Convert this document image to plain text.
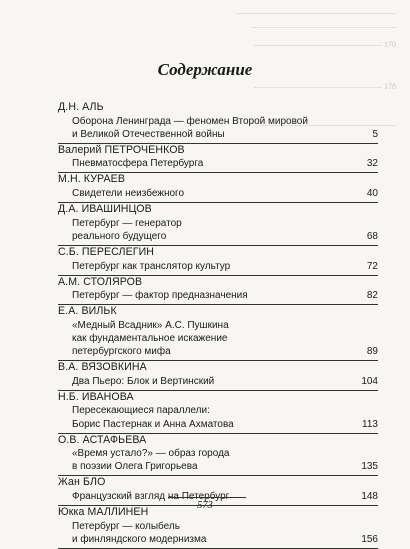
————————————————————
——————————————————
———————————————— 170
———————————————— 178
—————————————————
Содержание
Д.Н. АЛЬ
Оборона Ленинграда — феномен Второй мировой
и Великой Отечественной войны	5
Валерий ПЕТРОЧЕНКОВ
Пневматосфера Петербурга	32
М.Н. КУРАЕВ
Свидетели неизбежного	40
Д.А. ИВАШИНЦОВ
Петербург — генератор
реального будущего	68
С.Б. ПЕРЕСЛЕГИН
Петербург как транслятор культур	72
А.М. СТОЛЯРОВ
Петербург — фактор предназначения	82
Е.А. ВИЛЬК
«Медный Всадник» А.С. Пушкина
как фундаментальное искажение
петербургского мифа	89
В.А. ВЯЗОВКИНА
Два Пьеро: Блок и Вертинский	104
Н.Б. ИВАНОВА
Пересекающиеся параллели:
Борис Пастернак и Анна Ахматова	113
О.В. АСТАФЬЕВА
«Время устало?» — образ города
в поэзии Олега Григорьева	135
Жан БЛО
Французский взгляд на Петербург	148
Юкка МАЛЛИНЕН
Петербург — колыбель
и финляндского модернизма	156
573
